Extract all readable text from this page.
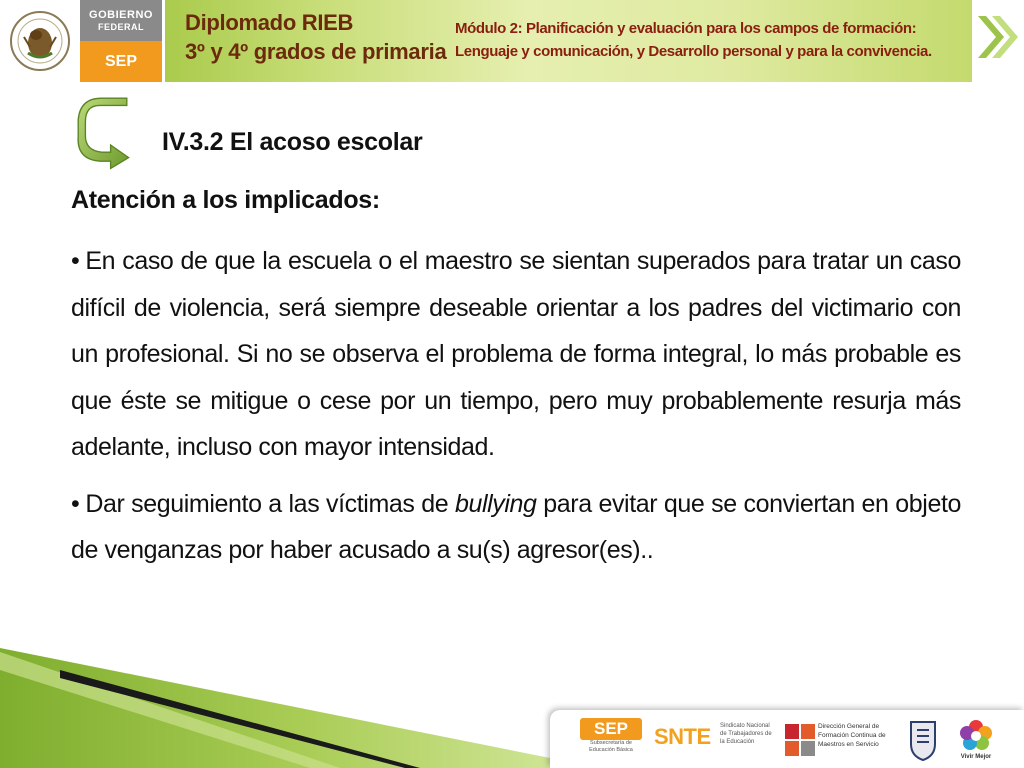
GOBIERNO
FEDERAL
SEP
Diplomado RIEB
3º y 4º grados de primaria
Módulo 2: Planificación y evaluación para los campos de formación:
Lenguaje y comunicación, y Desarrollo personal y para la convivencia.
IV.3.2 El acoso escolar
Atención a los implicados:

• En caso de que la escuela o el maestro se sientan superados para tratar un caso difícil de violencia, será siempre deseable orientar a los padres del victimario con un profesional. Si no se observa el problema de forma integral, lo más probable es que éste se mitigue o cese por un tiempo, pero muy probablemente resurja más adelante, incluso con mayor intensidad.

• Dar seguimiento a las víctimas de bullying para evitar que se conviertan en objeto de venganzas por haber acusado a su(s) agresor(es)..

SEP
Subsecretaría de Educación Básica
SNTE Sindicato Nacional de Trabajadores de la Educación
Dirección General de Formación Continua de Maestros en Servicio
Vivir Mejor
